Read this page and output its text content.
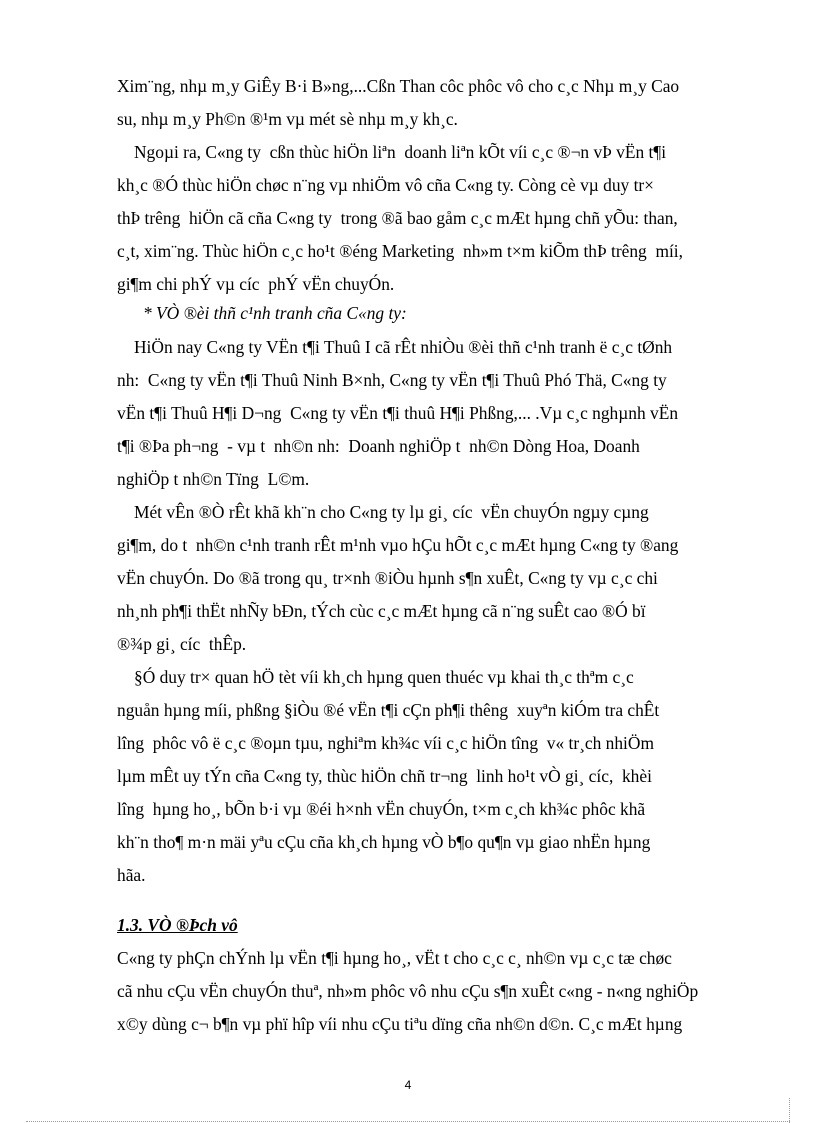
Xim¨ng, nhµ m¸y GiÊy B·i B»ng,...Cßn Than côc phôc vô cho c¸c Nhµ m¸y Cao
su, nhµ m¸y Ph©n ®¹m vµ mét sè nhµ m¸y kh¸c.
Ngoµi ra, C«ng ty  cßn thùc hiÖn liªn  doanh liªn kÕt víi c¸c ®¬n vÞ vËn t¶i
kh¸c ®Ó thùc hiÖn chøc n¨ng vµ nhiÖm vô cña C«ng ty. Còng cè vµ duy tr×
thÞ trêng  hiÖn cã cña C«ng ty  trong ®ã bao gåm c¸c mÆt hµng chñ yÕu: than,
c¸t, xim¨ng. Thùc hiÖn c¸c ho¹t ®éng Marketing  nh»m t×m kiÕm thÞ trêng  míi,
gi¶m chi phÝ vµ cíc  phÝ vËn chuyÓn.
* VÒ ®èi thñ c¹nh tranh cña C«ng ty:
HiÖn nay C«ng ty VËn t¶i Thuû I cã rÊt nhiÒu ®èi thñ c¹nh tranh ë c¸c tØnh
nh:  C«ng ty vËn t¶i Thuû Ninh B×nh, C«ng ty vËn t¶i Thuû Phó Thä, C«ng ty
vËn t¶i Thuû H¶i D¬ng  C«ng ty vËn t¶i thuû H¶i Phßng,... .Vµ c¸c nghµnh vËn
t¶i ®Þa ph¬ng  - vµ t  nh©n nh:  Doanh nghiÖp t  nh©n Dòng Hoa, Doanh
nghiÖp t nh©n Tïng  L©m.
Mét vÊn ®Ò rÊt khã kh¨n cho C«ng ty lµ gi¸ cíc  vËn chuyÓn ngµy cµng
gi¶m, do t  nh©n c¹nh tranh rÊt m¹nh vµo hÇu hÕt c¸c mÆt hµng C«ng ty ®ang
vËn chuyÓn. Do ®ã trong qu¸ tr×nh ®iÒu hµnh s¶n xuÊt, C«ng ty vµ c¸c chi
nh¸nh ph¶i thËt nhÑy bÐn, tÝch cùc c¸c mÆt hµng cã n¨ng suÊt cao ®Ó bï
®¾p gi¸ cíc  thÊp.
§Ó duy tr× quan hÖ tèt víi kh¸ch hµng quen thuéc vµ khai th¸c thªm c¸c
nguån hµng míi, phßng §iÒu ®é vËn t¶i cÇn ph¶i thêng  xuyªn kiÓm tra chÊt
lîng  phôc vô ë c¸c ®oµn tµu, nghiªm kh¾c víi c¸c hiÖn tîng  v« tr¸ch nhiÖm
lµm mÊt uy tÝn cña C«ng ty, thùc hiÖn chñ tr¬ng  linh ho¹t vÒ gi¸ cíc,  khèi
lîng  hµng ho¸, bÕn b·i vµ ®éi h×nh vËn chuyÓn, t×m c¸ch kh¾c phôc khã
kh¨n tho¶ m·n mäi yªu cÇu cña kh¸ch hµng vÒ b¶o qu¶n vµ giao nhËn hµng
hãa.
1.3. VÒ ®Þch vô
C«ng ty phÇn chÝnh lµ vËn t¶i hµng ho¸, vËt t cho c¸c c¸ nh©n vµ c¸c tæ chøc
cã nhu cÇu vËn chuyÓn thuª, nh»m phôc vô nhu cÇu s¶n xuÊt c«ng - n«ng nghiÖp
x©y dùng c¬ b¶n vµ phï hîp víi nhu cÇu tiªu dïng cña nh©n d©n. C¸c mÆt hµng
4
